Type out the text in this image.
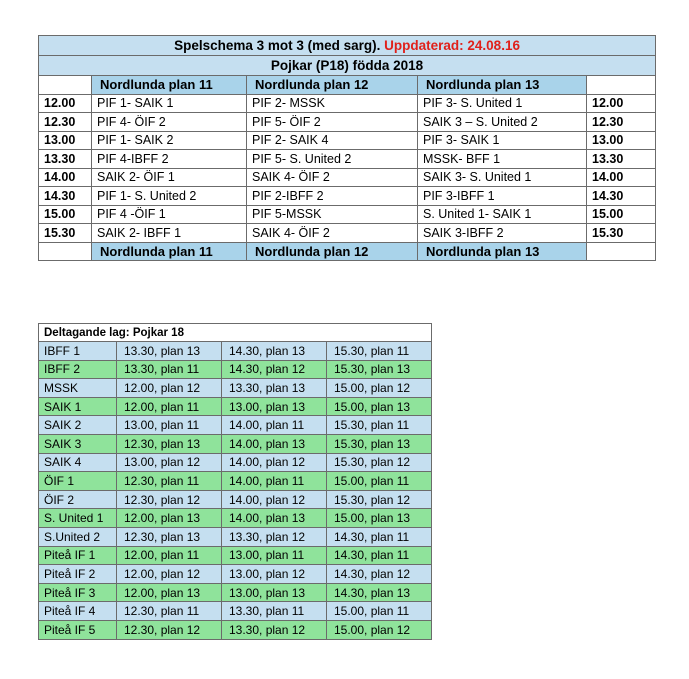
Spelschema 3 mot 3 (med sarg). Uppdaterad: 24.08.16				
Pojkar (P18) födda 2018				
	Nordlunda plan 11	Nordlunda plan 12	Nordlunda plan 13	
12.00	PIF 1- SAIK 1	PIF 2- MSSK	PIF 3- S. United 1	12.00
12.30	PIF 4- ÖIF 2	PIF 5- ÖIF 2	SAIK 3 – S. United 2	12.30
13.00	PIF 1- SAIK 2	PIF 2- SAIK 4	PIF 3- SAIK 1	13.00
13.30	PIF 4-IBFF 2	PIF 5- S. United 2	MSSK- BFF 1	13.30
14.00	SAIK 2- ÖIF 1	SAIK 4- ÖIF 2	SAIK 3- S. United 1	14.00
14.30	PIF 1- S. United 2	PIF 2-IBFF 2	PIF 3-IBFF 1	14.30
15.00	PIF 4 -ÖIF 1	PIF 5-MSSK	S. United 1- SAIK 1	15.00
15.30	SAIK 2- IBFF 1	SAIK 4- ÖIF 2	SAIK 3-IBFF 2	15.30
	Nordlunda plan 11	Nordlunda plan 12	Nordlunda plan 13	
Deltagande lag: Pojkar 18			
IBFF 1	13.30, plan 13	14.30, plan 13	15.30, plan 11
IBFF 2	13.30, plan 11	14.30, plan 12	15.30, plan 13
MSSK	12.00, plan 12	13.30, plan 13	15.00, plan 12
SAIK 1	12.00, plan 11	13.00, plan 13	15.00, plan 13
SAIK 2	13.00, plan 11	14.00, plan 11	15.30, plan 11
SAIK 3	12.30, plan 13	14.00, plan 13	15.30, plan 13
SAIK 4	13.00, plan 12	14.00, plan 12	15.30, plan 12
ÖIF 1	12.30, plan 11	14.00, plan 11	15.00, plan 11
ÖIF 2	12.30, plan 12	14.00, plan 12	15.30, plan 12
S. United 1	12.00, plan 13	14.00, plan 13	15.00, plan 13
S.United 2	12.30, plan 13	13.30, plan 12	14.30, plan 11
Piteå IF 1	12.00, plan 11	13.00, plan 11	14.30, plan 11
Piteå IF 2	12.00, plan 12	13.00, plan 12	14.30, plan 12
Piteå IF 3	12.00, plan 13	13.00, plan 13	14.30, plan 13
Piteå IF 4	12.30, plan 11	13.30, plan 11	15.00, plan 11
Piteå IF 5	12.30, plan 12	13.30, plan 12	15.00, plan 12
